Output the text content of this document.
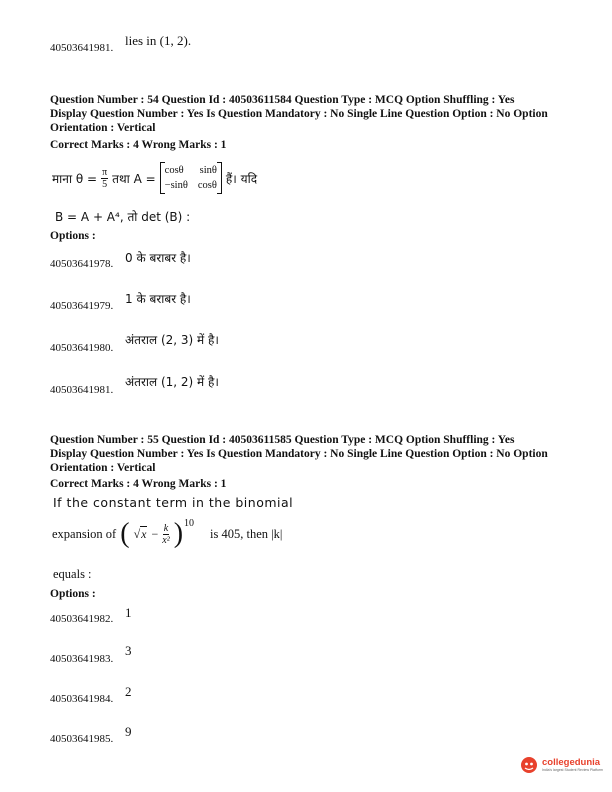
40503641981. lies in (1, 2).
Question Number : 54 Question Id : 40503611584 Question Type : MCQ Option Shuffling : Yes
Display Question Number : Yes Is Question Mandatory : No Single Line Question Option : No Option
Orientation : Vertical
Correct Marks : 4 Wrong Marks : 1
माना $\theta = \frac{\pi}{5}$ तथा A =
cosθ sinθ
−sinθ cosθ हैं। यदि
B = A + A⁴, तो det (B) :
Options :
40503641978. 0 के बराबर है।
40503641979. 1 के बराबर है।
40503641980.
अंतराल (2, 3) में है।
40503641981.
अंतराल (1, 2) में है।
Question Number : 55 Question Id : 40503611585 Question Type : MCQ Option Shuffling : Yes
Display Question Number : Yes Is Question Mandatory : No Single Line Question Option : No Option
Orientation : Vertical
Correct Marks : 4 Wrong Marks : 1
If the constant term in the binomial
expansion of ( √ $x - \frac{k}{\text{x²}}$ ) 10
is 405, then |k|
equals :
Options :
40503641982. 1
40503641983.
3
40503641984. 2
40503641985. 9
collegedunia
India's largest Student Review Platform
